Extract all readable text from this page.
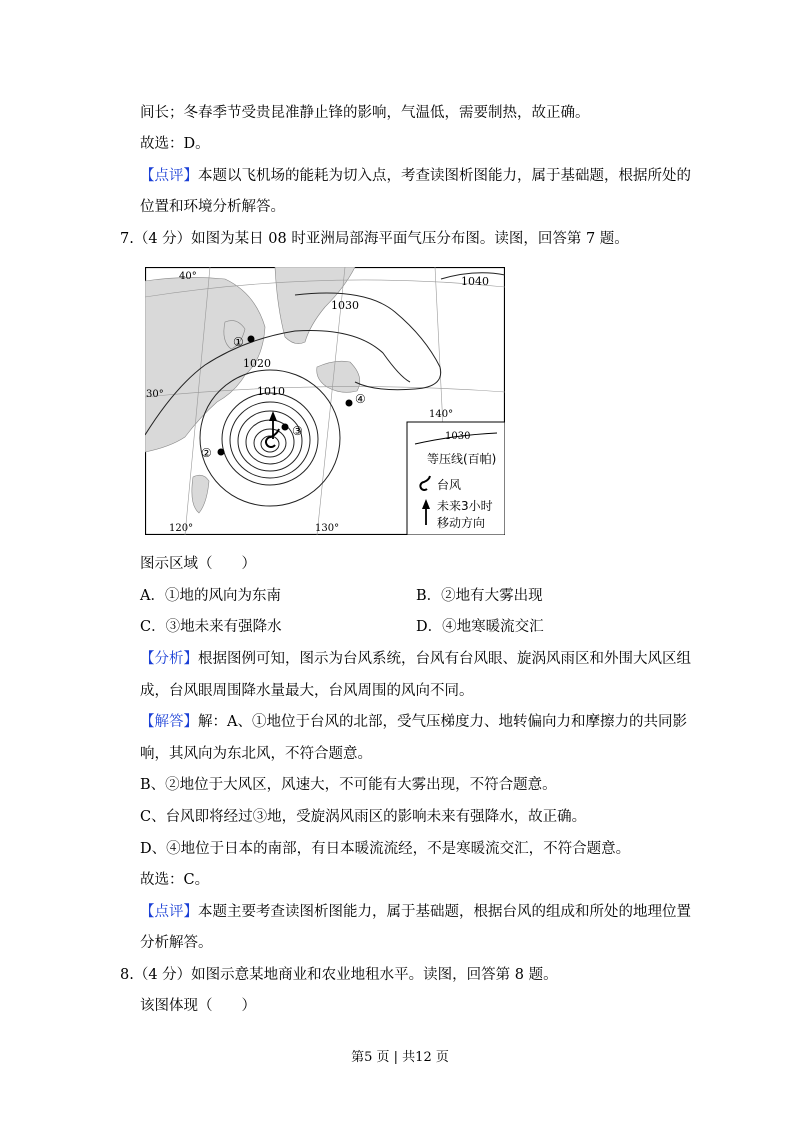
间长；冬春季节受贵昆准静止锋的影响，气温低，需要制热，故正确。
故选：D。
【点评】本题以飞机场的能耗为切入点，考查读图析图能力，属于基础题，根据所处的
位置和环境分析解答。
7.（4 分）如图为某日 08 时亚洲局部海平面气压分布图。读图，回答第 7 题。
1040
1030
1020
1010
40°
30°
120°	130°
140°
①
②
③
④
1030
等压线(百帕)
台风
未来3小时
移动方向
图示区域（　　）
A．①地的风向为东南	B．②地有大雾出现
C．③地未来有强降水	D．④地寒暖流交汇
【分析】根据图例可知，图示为台风系统，台风有台风眼、旋涡风雨区和外围大风区组
成，台风眼周围降水量最大，台风周围的风向不同。
【解答】解：A、①地位于台风的北部，受气压梯度力、地转偏向力和摩擦力的共同影
响，其风向为东北风，不符合题意。
B、②地位于大风区，风速大，不可能有大雾出现，不符合题意。
C、台风即将经过③地，受旋涡风雨区的影响未来有强降水，故正确。
D、④地位于日本的南部，有日本暖流流经，不是寒暖流交汇，不符合题意。
故选：C。
【点评】本题主要考查读图析图能力，属于基础题，根据台风的组成和所处的地理位置
分析解答。
8.（4 分）如图示意某地商业和农业地租水平。读图，回答第 8 题。
该图体现（　　）
第5 页 | 共12 页
